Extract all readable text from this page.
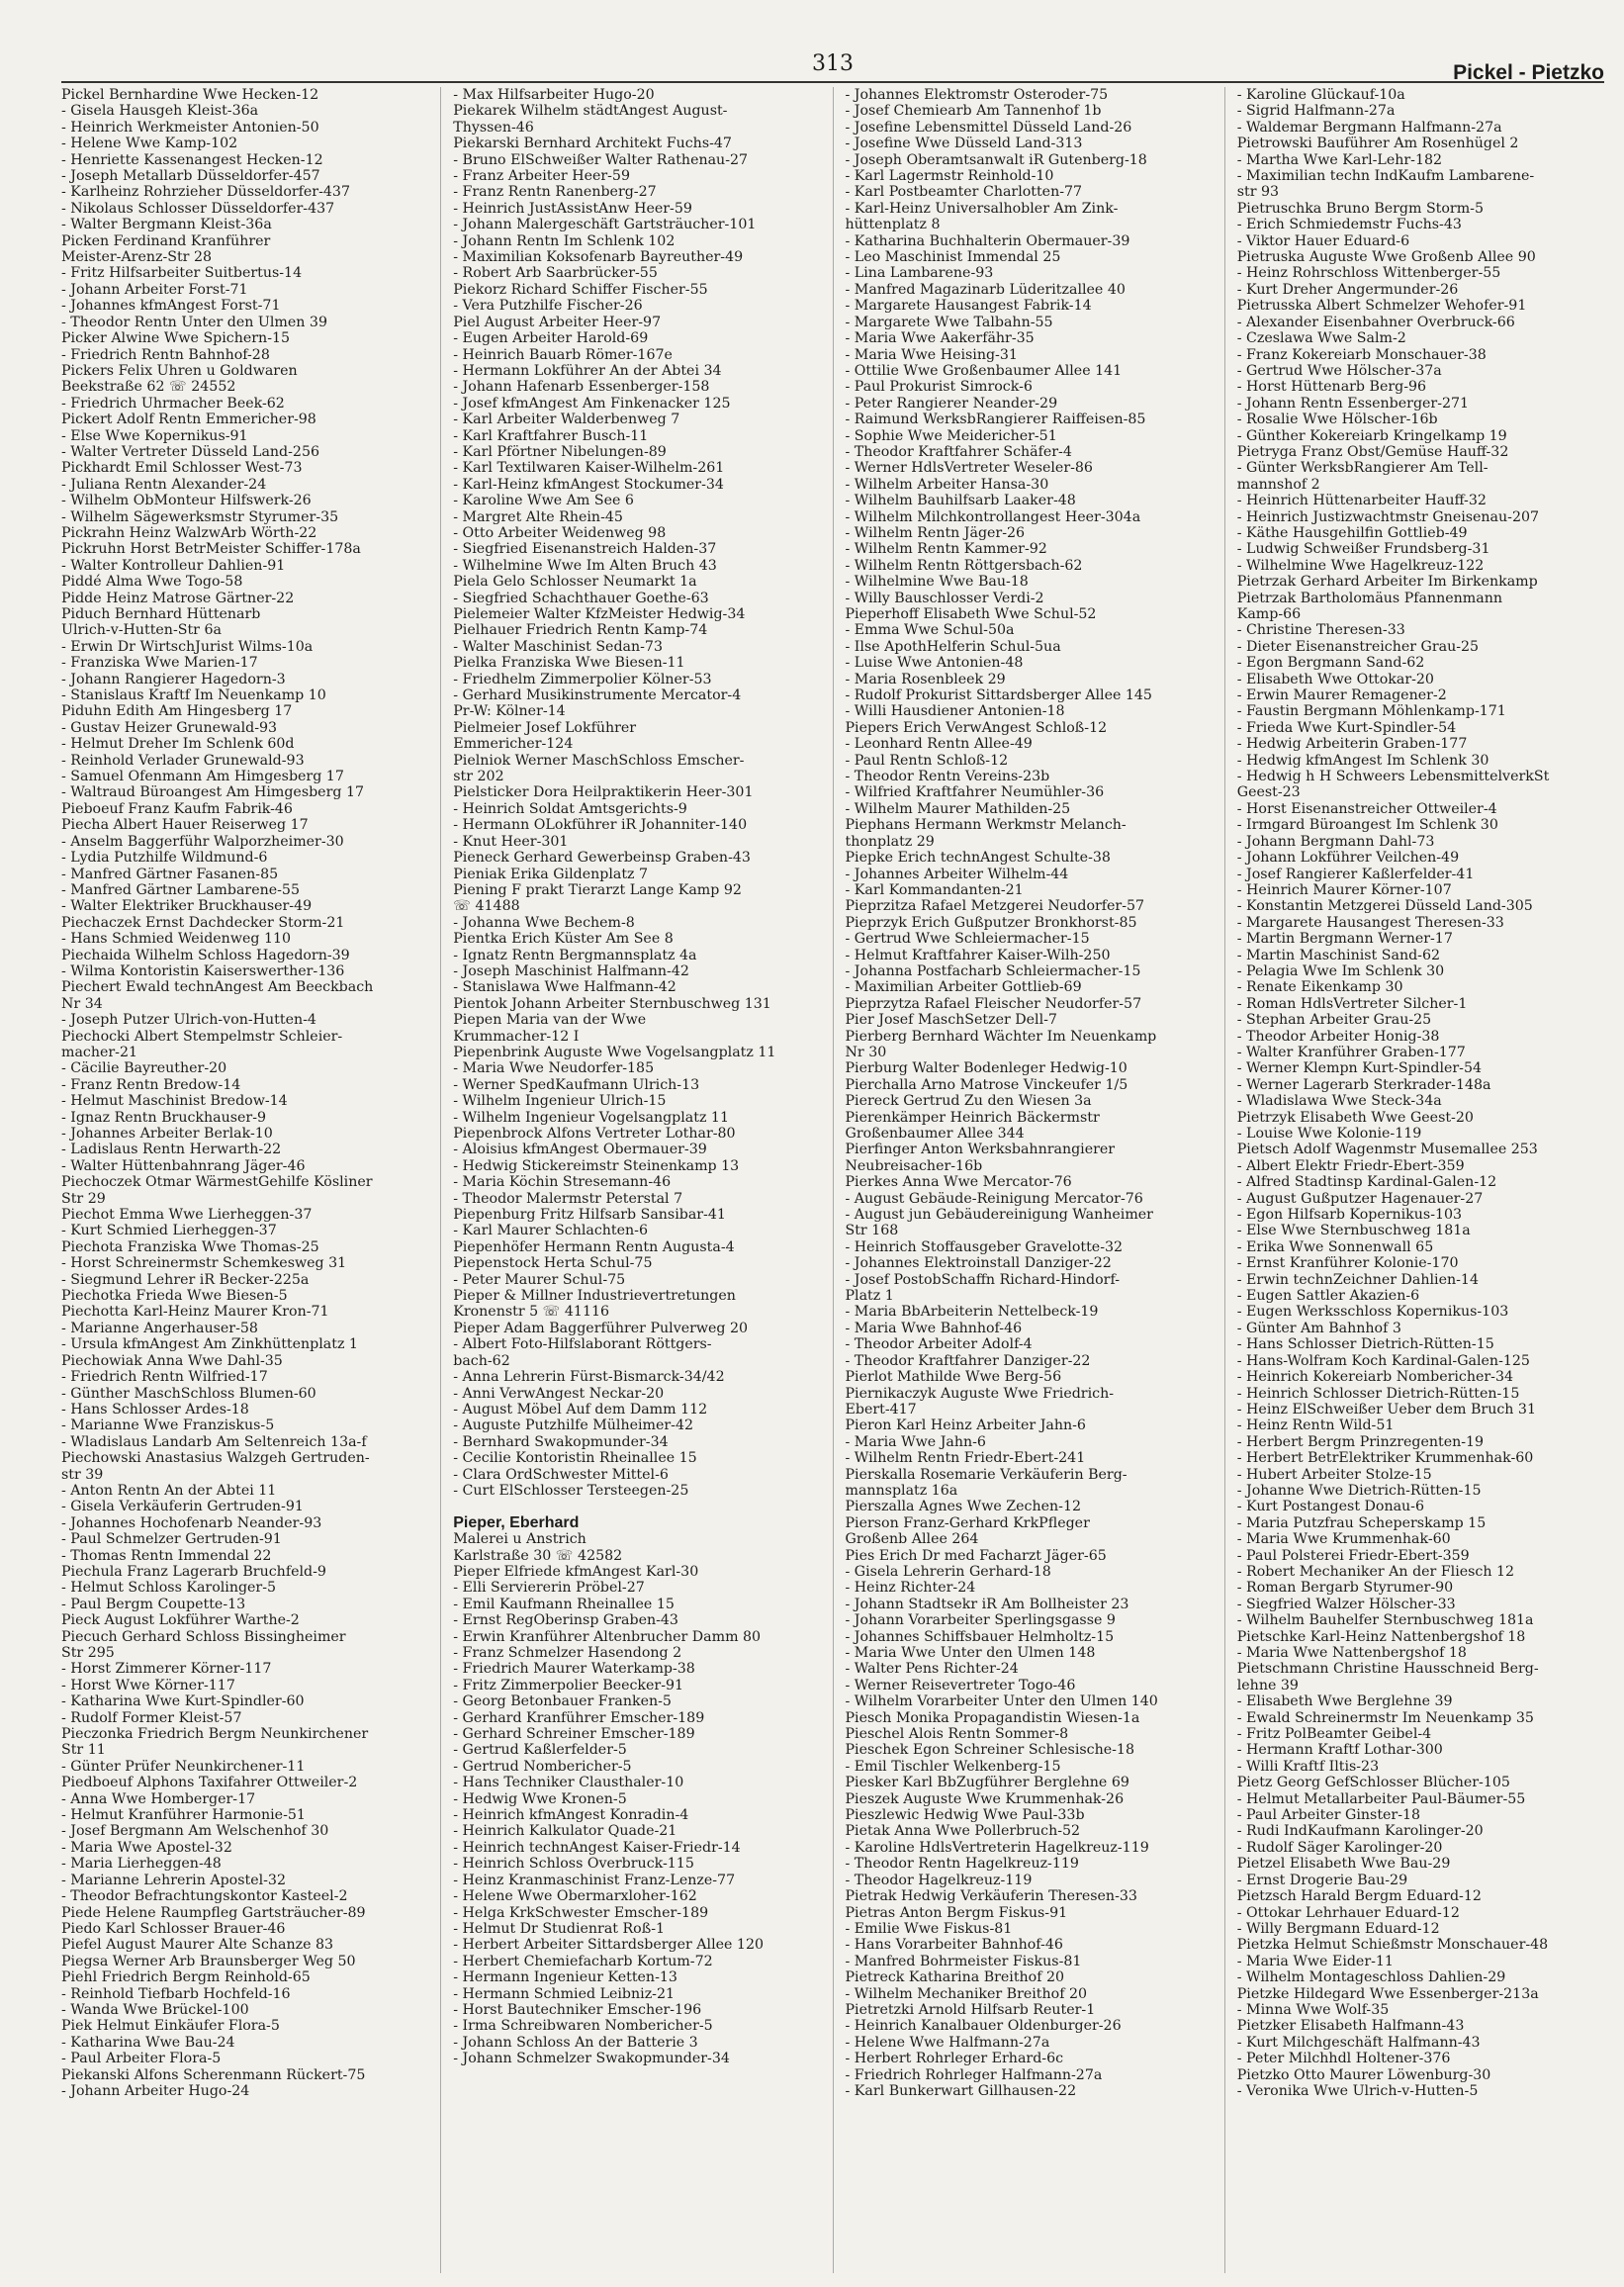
313	Pickel - Pietzko
Pickel Bernhardine Wwe Hecken-12
- Gisela Hausgeh Kleist-36a
- Heinrich Werkmeister Antonien-50
- Helene Wwe Kamp-102
- Henriette Kassenangest Hecken-12
- Joseph Metallarb Düsseldorfer-457
- Karlheinz Rohrzieher Düsseldorfer-437
- Nikolaus Schlosser Düsseldorfer-437
- Walter Bergmann Kleist-36a
Picken Ferdinand Kranführer
Meister-Arenz-Str 28
- Fritz Hilfsarbeiter Suitbertus-14
- Johann Arbeiter Forst-71
- Johannes kfmAngest Forst-71
- Theodor Rentn Unter den Ulmen 39
Picker Alwine Wwe Spichern-15
- Friedrich Rentn Bahnhof-28
Pickers Felix Uhren u Goldwaren
Beekstraße 62 ☏ 24552
- Friedrich Uhrmacher Beek-62
Pickert Adolf Rentn Emmericher-98
- Else Wwe Kopernikus-91
- Walter Vertreter Düsseld Land-256
Pickhardt Emil Schlosser West-73
- Juliana Rentn Alexander-24
- Wilhelm ObMonteur Hilfswerk-26
- Wilhelm Sägewerksmstr Styrumer-35
Pickrahn Heinz WalzwArb Wörth-22
Pickruhn Horst BetrMeister Schiffer-178a
- Walter Kontrolleur Dahlien-91
Piddé Alma Wwe Togo-58
Pidde Heinz Matrose Gärtner-22
Piduch Bernhard Hüttenarb
Ulrich-v-Hutten-Str 6a
- Erwin Dr WirtschJurist Wilms-10a
- Franziska Wwe Marien-17
- Johann Rangierer Hagedorn-3
- Stanislaus Kraftf Im Neuenkamp 10
Piduhn Edith Am Hingesberg 17
- Gustav Heizer Grunewald-93
- Helmut Dreher Im Schlenk 60d
- Reinhold Verlader Grunewald-93
- Samuel Ofenmann Am Himgesberg 17
- Waltraud Büroangest Am Himgesberg 17
Pieboeuf Franz Kaufm Fabrik-46
Piecha Albert Hauer Reiserweg 17
- Anselm Baggerführ Walporzheimer-30
- Lydia Putzhilfe Wildmund-6
- Manfred Gärtner Fasanen-85
- Manfred Gärtner Lambarene-55
- Walter Elektriker Bruckhauser-49
Piechaczek Ernst Dachdecker Storm-21
- Hans Schmied Weidenweg 110
Piechaida Wilhelm Schloss Hagedorn-39
- Wilma Kontoristin Kaiserswerther-136
Piechert Ewald technAngest Am Beeckbach
Nr 34
- Joseph Putzer Ulrich-von-Hutten-4
Piechocki Albert Stempelmstr Schleier-
macher-21
- Cäcilie Bayreuther-20
- Franz Rentn Bredow-14
- Helmut Maschinist Bredow-14
- Ignaz Rentn Bruckhauser-9
- Johannes Arbeiter Berlak-10
- Ladislaus Rentn Herwarth-22
- Walter Hüttenbahnrang Jäger-46
Piechoczek Otmar WärmestGehilfe Kösliner
Str 29
Piechot Emma Wwe Lierheggen-37
- Kurt Schmied Lierheggen-37
Piechota Franziska Wwe Thomas-25
- Horst Schreinermstr Schemkesweg 31
- Siegmund Lehrer iR Becker-225a
Piechotka Frieda Wwe Biesen-5
Piechotta Karl-Heinz Maurer Kron-71
- Marianne Angerhauser-58
- Ursula kfmAngest Am Zinkhüttenplatz 1
Piechowiak Anna Wwe Dahl-35
- Friedrich Rentn Wilfried-17
- Günther MaschSchloss Blumen-60
- Hans Schlosser Ardes-18
- Marianne Wwe Franziskus-5
- Wladislaus Landarb Am Seltenreich 13a-f
Piechowski Anastasius Walzgeh Gertruden-
str 39
- Anton Rentn An der Abtei 11
- Gisela Verkäuferin Gertruden-91
- Johannes Hochofenarb Neander-93
- Paul Schmelzer Gertruden-91
- Thomas Rentn Immendal 22
Piechula Franz Lagerarb Bruchfeld-9
- Helmut Schloss Karolinger-5
- Paul Bergm Coupette-13
Pieck August Lokführer Warthe-2
Piecuch Gerhard Schloss Bissingheimer
Str 295
- Horst Zimmerer Körner-117
- Horst Wwe Körner-117
- Katharina Wwe Kurt-Spindler-60
- Rudolf Former Kleist-57
Pieczonka Friedrich Bergm Neunkirchener
Str 11
- Günter Prüfer Neunkirchener-11
Piedboeuf Alphons Taxifahrer Ottweiler-2
- Anna Wwe Homberger-17
- Helmut Kranführer Harmonie-51
- Josef Bergmann Am Welschenhof 30
- Maria Wwe Apostel-32
- Maria Lierheggen-48
- Marianne Lehrerin Apostel-32
- Theodor Befrachtungskontor Kasteel-2
Piede Helene Raumpfleg Gartsträucher-89
Piedo Karl Schlosser Brauer-46
Piefel August Maurer Alte Schanze 83
Piegsa Werner Arb Braunsberger Weg 50
Piehl Friedrich Bergm Reinhold-65
- Reinhold Tiefbarb Hochfeld-16
- Wanda Wwe Brückel-100
Piek Helmut Einkäufer Flora-5
- Katharina Wwe Bau-24
- Paul Arbeiter Flora-5
Piekanski Alfons Scherenmann Rückert-75
- Johann Arbeiter Hugo-24
- Max Hilfsarbeiter Hugo-20
Piekarek Wilhelm städtAngest August-
Thyssen-46
Piekarski Bernhard Architekt Fuchs-47
- Bruno ElSchweißer Walter Rathenau-27
- Franz Arbeiter Heer-59
- Franz Rentn Ranenberg-27
- Heinrich JustAssistAnw Heer-59
- Johann Malergeschäft Gartsträucher-101
- Johann Rentn Im Schlenk 102
- Maximilian Koksofenarb Bayreuther-49
- Robert Arb Saarbrücker-55
Piekorz Richard Schiffer Fischer-55
- Vera Putzhilfe Fischer-26
Piel August Arbeiter Heer-97
- Eugen Arbeiter Harold-69
- Heinrich Bauarb Römer-167e
- Hermann Lokführer An der Abtei 34
- Johann Hafenarb Essenberger-158
- Josef kfmAngest Am Finkenacker 125
- Karl Arbeiter Walderbenweg 7
- Karl Kraftfahrer Busch-11
- Karl Pförtner Nibelungen-89
- Karl Textilwaren Kaiser-Wilhelm-261
- Karl-Heinz kfmAngest Stockumer-34
- Karoline Wwe Am See 6
- Margret Alte Rhein-45
- Otto Arbeiter Weidenweg 98
- Siegfried Eisenanstreich Halden-37
- Wilhelmine Wwe Im Alten Bruch 43
Piela Gelo Schlosser Neumarkt 1a
- Siegfried Schachthauer Goethe-63
Pielemeier Walter KfzMeister Hedwig-34
Pielhauer Friedrich Rentn Kamp-74
- Walter Maschinist Sedan-73
Pielka Franziska Wwe Biesen-11
- Friedhelm Zimmerpolier Kölner-53
- Gerhard Musikinstrumente Mercator-4
Pr-W: Kölner-14
Pielmeier Josef Lokführer
Emmericher-124
Pielniok Werner MaschSchloss Emscher-
str 202
Pielsticker Dora Heilpraktikerin Heer-301
- Heinrich Soldat Amtsgerichts-9
- Hermann OLokführer iR Johanniter-140
- Knut Heer-301
Pieneck Gerhard Gewerbeinsp Graben-43
Pieniak Erika Gildenplatz 7
Piening F prakt Tierarzt Lange Kamp 92
☏ 41488
- Johanna Wwe Bechem-8
Pientka Erich Küster Am See 8
- Ignatz Rentn Bergmannsplatz 4a
- Joseph Maschinist Halfmann-42
- Stanislawa Wwe Halfmann-42
Pientok Johann Arbeiter Sternbuschweg 131
Piepen Maria van der Wwe
Krummacher-12 I
Piepenbrink Auguste Wwe Vogelsangplatz 11
- Maria Wwe Neudorfer-185
- Werner SpedKaufmann Ulrich-13
- Wilhelm Ingenieur Ulrich-15
- Wilhelm Ingenieur Vogelsangplatz 11
Piepenbrock Alfons Vertreter Lothar-80
- Aloisius kfmAngest Obermauer-39
- Hedwig Stickereimstr Steinenkamp 13
- Maria Köchin Stresemann-46
- Theodor Malermstr Peterstal 7
Piepenburg Fritz Hilfsarb Sansibar-41
- Karl Maurer Schlachten-6
Piepenhöfer Hermann Rentn Augusta-4
Piepenstock Herta Schul-75
- Peter Maurer Schul-75
Pieper & Millner Industrievertretungen
Kronenstr 5 ☏ 41116
Pieper Adam Baggerführer Pulverweg 20
- Albert Foto-Hilfslaborant Röttgers-
bach-62
- Anna Lehrerin Fürst-Bismarck-34/42
- Anni VerwAngest Neckar-20
- August Möbel Auf dem Damm 112
- Auguste Putzhilfe Mülheimer-42
- Bernhard Swakopmunder-34
- Cecilie Kontoristin Rheinallee 15
- Clara OrdSchwester Mittel-6
- Curt ElSchlosser Tersteegen-25

Pieper, Eberhard
Malerei u Anstrich
Karlstraße 30 ☏ 42582
Pieper Elfriede kfmAngest Karl-30
- Elli Serviererin Pröbel-27
- Emil Kaufmann Rheinallee 15
- Ernst RegOberinsp Graben-43
- Erwin Kranführer Altenbrucher Damm 80
- Franz Schmelzer Hasendong 2
- Friedrich Maurer Waterkamp-38
- Fritz Zimmerpolier Beecker-91
- Georg Betonbauer Franken-5
- Gerhard Kranführer Emscher-189
- Gerhard Schreiner Emscher-189
- Gertrud Kaßlerfelder-5
- Gertrud Nombericher-5
- Hans Techniker Clausthaler-10
- Hedwig Wwe Kronen-5
- Heinrich kfmAngest Konradin-4
- Heinrich Kalkulator Quade-21
- Heinrich technAngest Kaiser-Friedr-14
- Heinrich Schloss Overbruck-115
- Heinz Kranmaschinist Franz-Lenze-77
- Helene Wwe Obermarxloher-162
- Helga KrkSchwester Emscher-189
- Helmut Dr Studienrat Roß-1
- Herbert Arbeiter Sittardsberger Allee 120
- Herbert Chemiefacharb Kortum-72
- Hermann Ingenieur Ketten-13
- Hermann Schmied Leibniz-21
- Horst Bautechniker Emscher-196
- Irma Schreibwaren Nombericher-5
- Johann Schloss An der Batterie 3
- Johann Schmelzer Swakopmunder-34
- Johannes Elektromstr Osteroder-75
- Josef Chemiearb Am Tannenhof 1b
- Josefine Lebensmittel Düsseld Land-26
- Josefine Wwe Düsseld Land-313
- Joseph Oberamtsanwalt iR Gutenberg-18
- Karl Lagermstr Reinhold-10
- Karl Postbeamter Charlotten-77
- Karl-Heinz Universalhobler Am Zink-
hüttenplatz 8
- Katharina Buchhalterin Obermauer-39
- Leo Maschinist Immendal 25
- Lina Lambarene-93
- Manfred Magazinarb Lüderitzallee 40
- Margarete Hausangest Fabrik-14
- Margarete Wwe Talbahn-55
- Maria Wwe Aakerfähr-35
- Maria Wwe Heising-31
- Ottilie Wwe Großenbaumer Allee 141
- Paul Prokurist Simrock-6
- Peter Rangierer Neander-29
- Raimund WerksbRangierer Raiffeisen-85
- Sophie Wwe Meidericher-51
- Theodor Kraftfahrer Schäfer-4
- Werner HdlsVertreter Weseler-86
- Wilhelm Arbeiter Hansa-30
- Wilhelm Bauhilfsarb Laaker-48
- Wilhelm Milchkontrollangest Heer-304a
- Wilhelm Rentn Jäger-26
- Wilhelm Rentn Kammer-92
- Wilhelm Rentn Röttgersbach-62
- Wilhelmine Wwe Bau-18
- Willy Bauschlosser Verdi-2
Pieperhoff Elisabeth Wwe Schul-52
- Emma Wwe Schul-50a
- Ilse ApothHelferin Schul-5ua
- Luise Wwe Antonien-48
- Maria Rosenbleek 29
- Rudolf Prokurist Sittardsberger Allee 145
- Willi Hausdiener Antonien-18
Piepers Erich VerwAngest Schloß-12
- Leonhard Rentn Allee-49
- Paul Rentn Schloß-12
- Theodor Rentn Vereins-23b
- Wilfried Kraftfahrer Neumühler-36
- Wilhelm Maurer Mathilden-25
Piephans Hermann Werkmstr Melanch-
thonplatz 29
Piepke Erich technAngest Schulte-38
- Johannes Arbeiter Wilhelm-44
- Karl Kommandanten-21
Pieprzitza Rafael Metzgerei Neudorfer-57
Pieprzyk Erich Gußputzer Bronkhorst-85
- Gertrud Wwe Schleiermacher-15
- Helmut Kraftfahrer Kaiser-Wilh-250
- Johanna Postfacharb Schleiermacher-15
- Maximilian Arbeiter Gottlieb-69
Pieprzytza Rafael Fleischer Neudorfer-57
Pier Josef MaschSetzer Dell-7
Pierberg Bernhard Wächter Im Neuenkamp
Nr 30
Pierburg Walter Bodenleger Hedwig-10
Pierchalla Arno Matrose Vinckeufer 1/5
Piereck Gertrud Zu den Wiesen 3a
Pierenkämper Heinrich Bäckermstr
Großenbaumer Allee 344
Pierfinger Anton Werksbahnrangierer
Neubreisacher-16b
Pierkes Anna Wwe Mercator-76
- August Gebäude-Reinigung Mercator-76
- August jun Gebäudereinigung Wanheimer
Str 168
- Heinrich Stoffausgeber Gravelotte-32
- Johannes Elektroinstall Danziger-22
- Josef PostobSchaffn Richard-Hindorf-
Platz 1
- Maria BbArbeiterin Nettelbeck-19
- Maria Wwe Bahnhof-46
- Theodor Arbeiter Adolf-4
- Theodor Kraftfahrer Danziger-22
Pierlot Mathilde Wwe Berg-56
Piernikaczyk Auguste Wwe Friedrich-
Ebert-417
Pieron Karl Heinz Arbeiter Jahn-6
- Maria Wwe Jahn-6
- Wilhelm Rentn Friedr-Ebert-241
Pierskalla Rosemarie Verkäuferin Berg-
mannsplatz 16a
Pierszalla Agnes Wwe Zechen-12
Pierson Franz-Gerhard KrkPfleger
Großenb Allee 264
Pies Erich Dr med Facharzt Jäger-65
- Gisela Lehrerin Gerhard-18
- Heinz Richter-24
- Johann Stadtsekr iR Am Bollheister 23
- Johann Vorarbeiter Sperlingsgasse 9
- Johannes Schiffsbauer Helmholtz-15
- Maria Wwe Unter den Ulmen 148
- Walter Pens Richter-24
- Werner Reisevertreter Togo-46
- Wilhelm Vorarbeiter Unter den Ulmen 140
Piesch Monika Propagandistin Wiesen-1a
Pieschel Alois Rentn Sommer-8
Pieschek Egon Schreiner Schlesische-18
- Emil Tischler Welkenberg-15
Piesker Karl BbZugführer Berglehne 69
Pieszek Auguste Wwe Krummenhak-26
Pieszlewic Hedwig Wwe Paul-33b
Pietak Anna Wwe Pollerbruch-52
- Karoline HdlsVertreterin Hagelkreuz-119
- Theodor Rentn Hagelkreuz-119
- Theodor Hagelkreuz-119
Pietrak Hedwig Verkäuferin Theresen-33
Pietras Anton Bergm Fiskus-91
- Emilie Wwe Fiskus-81
- Hans Vorarbeiter Bahnhof-46
- Manfred Bohrmeister Fiskus-81
Pietreck Katharina Breithof 20
- Wilhelm Mechaniker Breithof 20
Pietretzki Arnold Hilfsarb Reuter-1
- Heinrich Kanalbauer Oldenburger-26
- Helene Wwe Halfmann-27a
- Herbert Rohrleger Erhard-6c
- Friedrich Rohrleger Halfmann-27a
- Karl Bunkerwart Gillhausen-22
- Karoline Glückauf-10a
- Sigrid Halfmann-27a
- Waldemar Bergmann Halfmann-27a
Pietrowski Bauführer Am Rosenhügel 2
- Martha Wwe Karl-Lehr-182
- Maximilian techn IndKaufm Lambarene-
str 93
Pietruschka Bruno Bergm Storm-5
- Erich Schmiedemstr Fuchs-43
- Viktor Hauer Eduard-6
Pietruska Auguste Wwe Großenb Allee 90
- Heinz Rohrschloss Wittenberger-55
- Kurt Dreher Angermunder-26
Pietrusska Albert Schmelzer Wehofer-91
- Alexander Eisenbahner Overbruck-66
- Czeslawa Wwe Salm-2
- Franz Kokereiarb Monschauer-38
- Gertrud Wwe Hölscher-37a
- Horst Hüttenarb Berg-96
- Johann Rentn Essenberger-271
- Rosalie Wwe Hölscher-16b
- Günther Kokereiarb Kringelkamp 19
Pietryga Franz Obst/Gemüse Hauff-32
- Günter WerksbRangierer Am Tell-
mannshof 2
- Heinrich Hüttenarbeiter Hauff-32
- Heinrich Justizwachtmstr Gneisenau-207
- Käthe Hausgehilfin Gottlieb-49
- Ludwig Schweißer Frundsberg-31
- Wilhelmine Wwe Hagelkreuz-122
Pietrzak Gerhard Arbeiter Im Birkenkamp
Pietrzak Bartholomäus Pfannenmann
Kamp-66
- Christine Theresen-33
- Dieter Eisenanstreicher Grau-25
- Egon Bergmann Sand-62
- Elisabeth Wwe Ottokar-20
- Erwin Maurer Remagener-2
- Faustin Bergmann Möhlenkamp-171
- Frieda Wwe Kurt-Spindler-54
- Hedwig Arbeiterin Graben-177
- Hedwig kfmAngest Im Schlenk 30
- Hedwig h H Schweers LebensmittelverkSt
Geest-23
- Horst Eisenanstreicher Ottweiler-4
- Irmgard Büroangest Im Schlenk 30
- Johann Bergmann Dahl-73
- Johann Lokführer Veilchen-49
- Josef Rangierer Kaßlerfelder-41
- Heinrich Maurer Körner-107
- Konstantin Metzgerei Düsseld Land-305
- Margarete Hausangest Theresen-33
- Martin Bergmann Werner-17
- Martin Maschinist Sand-62
- Pelagia Wwe Im Schlenk 30
- Renate Eikenkamp 30
- Roman HdlsVertreter Silcher-1
- Stephan Arbeiter Grau-25
- Theodor Arbeiter Honig-38
- Walter Kranführer Graben-177
- Werner Klempn Kurt-Spindler-54
- Werner Lagerarb Sterkrader-148a
- Wladislawa Wwe Steck-34a
Pietrzyk Elisabeth Wwe Geest-20
- Louise Wwe Kolonie-119
Pietsch Adolf Wagenmstr Musemallee 253
- Albert Elektr Friedr-Ebert-359
- Alfred Stadtinsp Kardinal-Galen-12
- August Gußputzer Hagenauer-27
- Egon Hilfsarb Kopernikus-103
- Else Wwe Sternbuschweg 181a
- Erika Wwe Sonnenwall 65
- Ernst Kranführer Kolonie-170
- Erwin technZeichner Dahlien-14
- Eugen Sattler Akazien-6
- Eugen Werksschloss Kopernikus-103
- Günter Am Bahnhof 3
- Hans Schlosser Dietrich-Rütten-15
- Hans-Wolfram Koch Kardinal-Galen-125
- Heinrich Kokereiarb Nombericher-34
- Heinrich Schlosser Dietrich-Rütten-15
- Heinz ElSchweißer Ueber dem Bruch 31
- Heinz Rentn Wild-51
- Herbert Bergm Prinzregenten-19
- Herbert BetrElektriker Krummenhak-60
- Hubert Arbeiter Stolze-15
- Johanne Wwe Dietrich-Rütten-15
- Kurt Postangest Donau-6
- Maria Putzfrau Scheperskamp 15
- Maria Wwe Krummenhak-60
- Paul Polsterei Friedr-Ebert-359
- Robert Mechaniker An der Fliesch 12
- Roman Bergarb Styrumer-90
- Siegfried Walzer Hölscher-33
- Wilhelm Bauhelfer Sternbuschweg 181a
Pietschke Karl-Heinz Nattenbergshof 18
- Maria Wwe Nattenbergshof 18
Pietschmann Christine Hausschneid Berg-
lehne 39
- Elisabeth Wwe Berglehne 39
- Ewald Schreinermstr Im Neuenkamp 35
- Fritz PolBeamter Geibel-4
- Hermann Kraftf Lothar-300
- Willi Kraftf Iltis-23
Pietz Georg GefSchlosser Blücher-105
- Helmut Metallarbeiter Paul-Bäumer-55
- Paul Arbeiter Ginster-18
- Rudi IndKaufmann Karolinger-20
- Rudolf Säger Karolinger-20
Pietzel Elisabeth Wwe Bau-29
- Ernst Drogerie Bau-29
Pietzsch Harald Bergm Eduard-12
- Ottokar Lehrhauer Eduard-12
- Willy Bergmann Eduard-12
Pietzka Helmut Schießmstr Monschauer-48
- Maria Wwe Eider-11
- Wilhelm Montageschloss Dahlien-29
Pietzke Hildegard Wwe Essenberger-213a
- Minna Wwe Wolf-35
Pietzker Elisabeth Halfmann-43
- Kurt Milchgeschäft Halfmann-43
- Peter Milchhdl Holtener-376
Pietzko Otto Maurer Löwenburg-30
- Veronika Wwe Ulrich-v-Hutten-5
